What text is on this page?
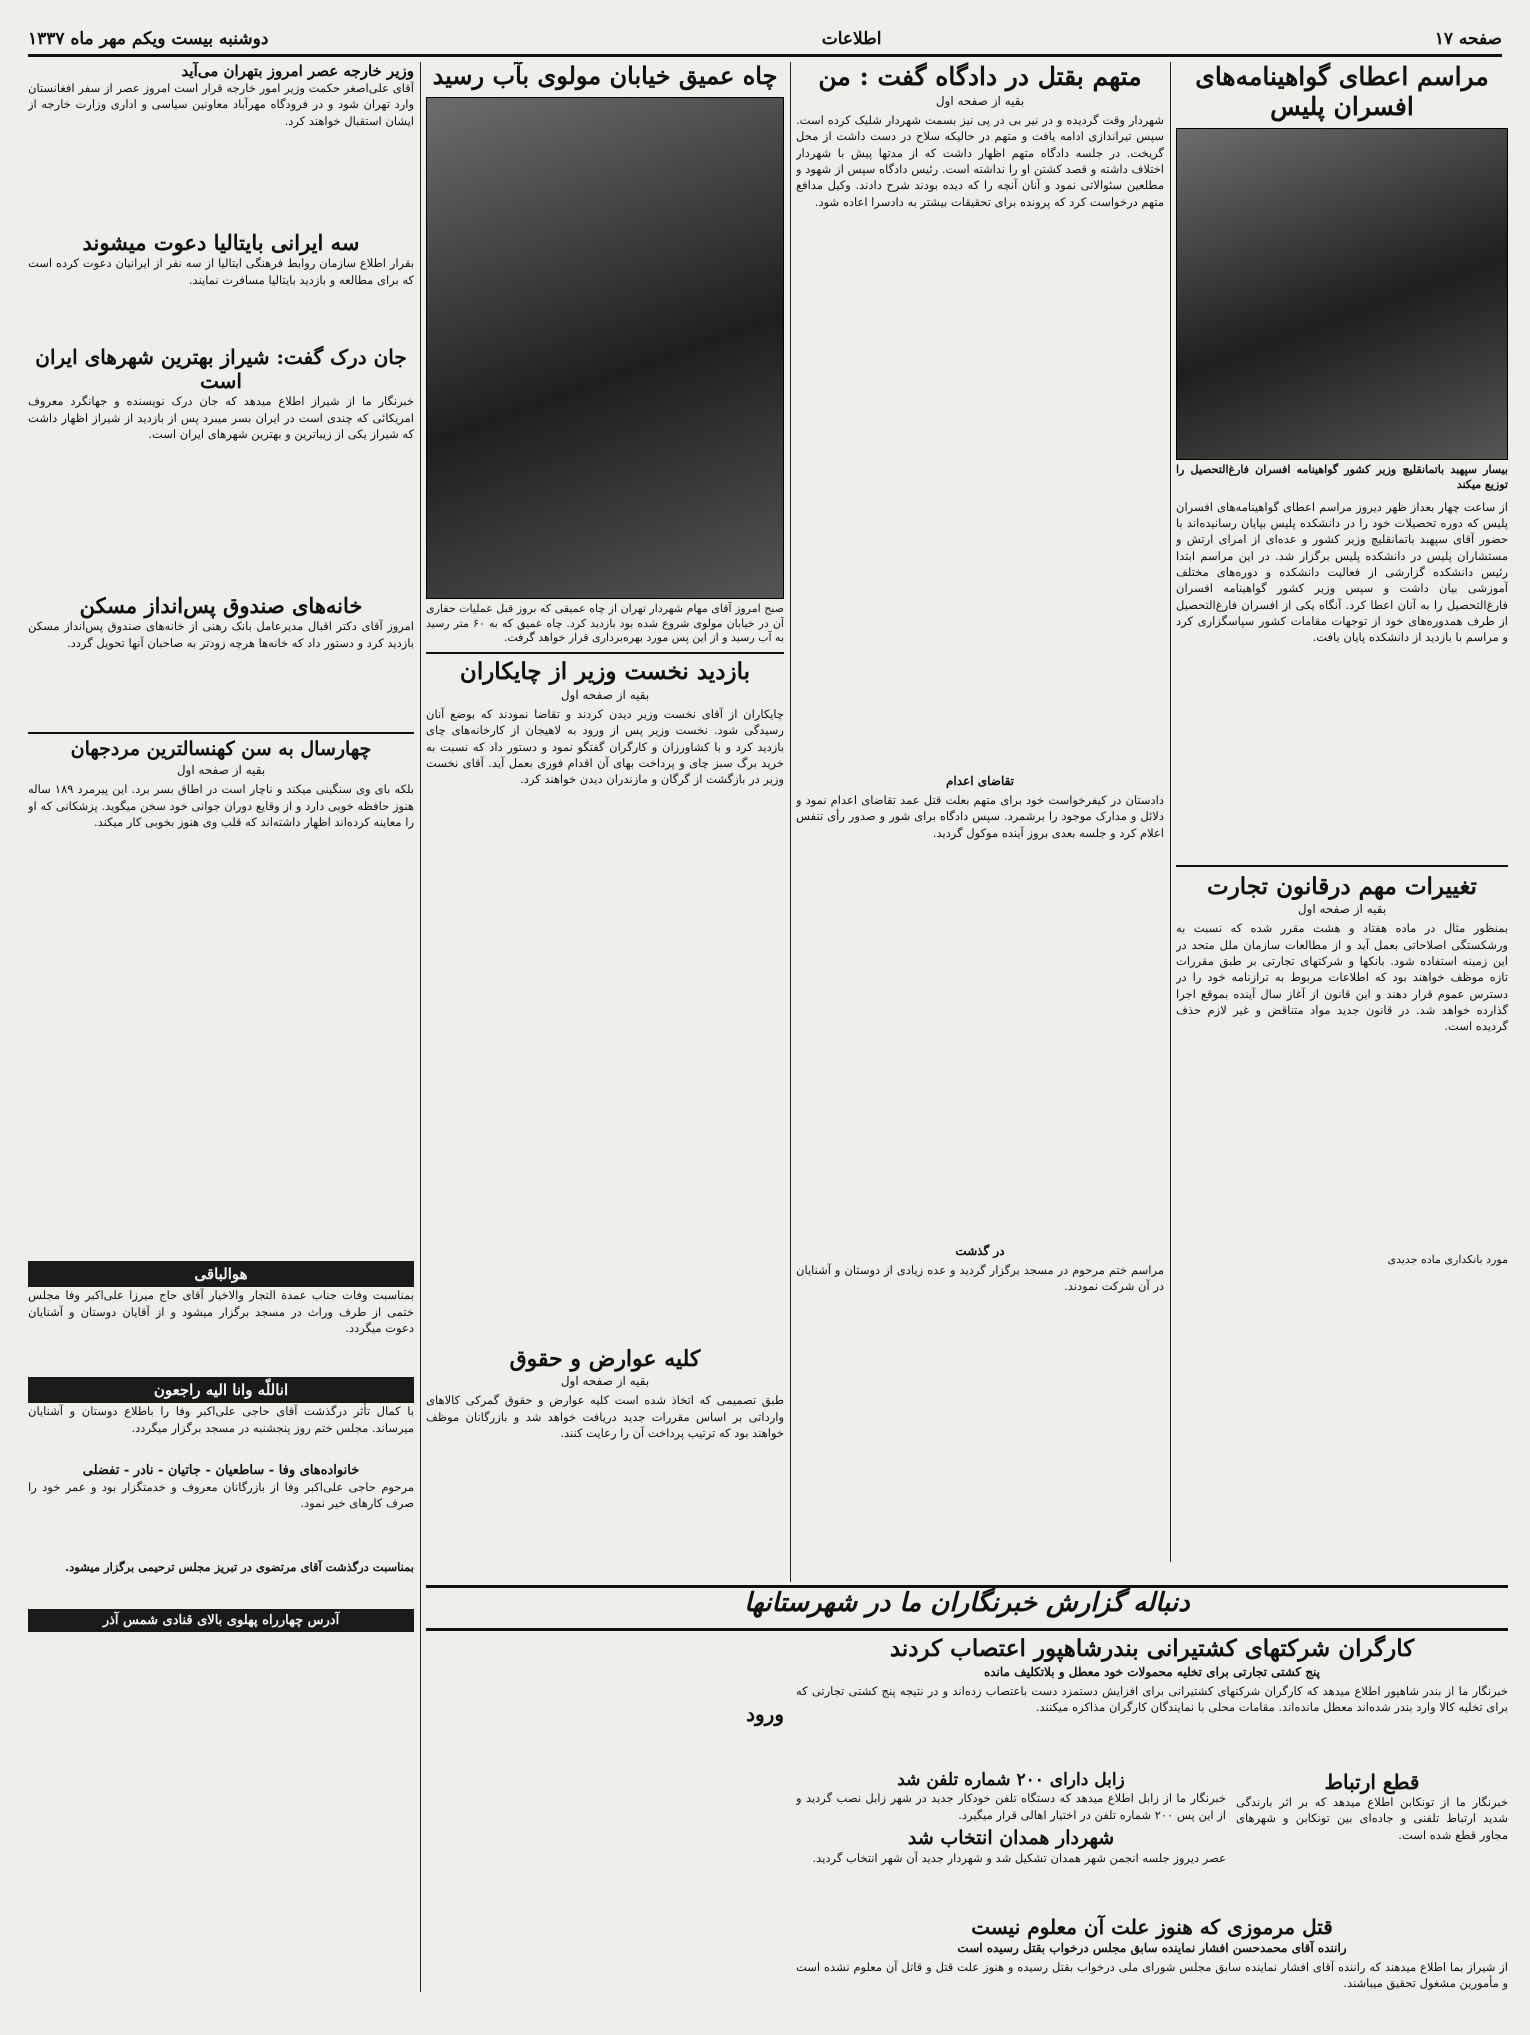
صفحه ۱۷
اطلاعات
دوشنبه بیست ویکم مهر ماه ۱۳۳۷
مراسم اعطای گواهینامه‌های افسران پلیس
بیسار سپهبد باتمانقلیچ وزیر کشور گواهینامه افسران فارغ‌التحصیل را توزیع میکند
از ساعت چهار بعداز ظهر دیروز مراسم اعطای گواهینامه‌های افسران پلیس که دوره تحصیلات خود را در دانشکده پلیس بپایان رسانیده‌اند با حضور آقای سپهبد باتمانقلیچ وزیر کشور و عده‌ای از امرای ارتش و مستشاران پلیس در دانشکده پلیس برگزار شد. در این مراسم ابتدا رئیس دانشکده گزارشی از فعالیت دانشکده و دوره‌های مختلف آموزشی بیان داشت و سپس وزیر کشور گواهینامه افسران فارغ‌التحصیل را به آنان اعطا کرد. آنگاه یکی از افسران فارغ‌التحصیل از طرف همدوره‌های خود از توجهات مقامات کشور سپاسگزاری کرد و مراسم با بازدید از دانشکده پایان یافت.
تغییرات مهم درقانون تجارت
بقیه از صفحه اول
بمنظور مثال در ماده هفتاد و هشت مقرر شده که نسبت به ورشکستگی اصلاحاتی بعمل آید و از مطالعات سازمان ملل متحد در این زمینه استفاده شود. بانکها و شرکتهای تجارتی بر طبق مقررات تازه موظف خواهند بود که اطلاعات مربوط به ترازنامه خود را در دسترس عموم قرار دهند و این قانون از آغاز سال آینده بموقع اجرا گذارده خواهد شد. در قانون جدید مواد متناقض و غیر لازم حذف گردیده است.
مورد بانکداری ماده جدیدی
متهم بقتل در دادگاه گفت : من
بقیه از صفحه اول
شهردار وقت گردیده و در نیر بی در پی نیز بسمت شهردار شلیک کرده است. سپس تیراندازی ادامه یافت و متهم در حالیکه سلاح در دست داشت از محل گریخت. در جلسه دادگاه متهم اظهار داشت که از مدتها پیش با شهردار اختلاف داشته و قصد کشتن او را نداشته است. رئیس دادگاه سپس از شهود و مطلعین سئوالاتی نمود و آنان آنچه را که دیده بودند شرح دادند. وکیل مدافع متهم درخواست کرد که پرونده برای تحقیقات بیشتر به دادسرا اعاده شود.
تقاضای اعدام
دادستان در کیفرخواست خود برای متهم بعلت قتل عمد تقاضای اعدام نمود و دلائل و مدارک موجود را برشمرد. سپس دادگاه برای شور و صدور رأی تنفس اعلام کرد و جلسه بعدی بروز آینده موکول گردید.
در گذشت
مراسم ختم مرحوم در مسجد برگزار گردید و عده زیادی از دوستان و آشنایان در آن شرکت نمودند.
چاه عمیق خیابان مولوی بآب رسید
صبح امروز آقای مهام شهردار تهران از چاه عمیقی که بروز قبل عملیات حفاری آن در خیابان مولوی شروع شده بود بازدید کرد. چاه عمیق که به ۶۰ متر رسید به آب رسید و از این پس مورد بهره‌برداری قرار خواهد گرفت.
بازدید نخست وزیر از چایکاران
بقیه از صفحه اول
چایکاران از آقای نخست وزیر دیدن کردند و تقاضا نمودند که بوضع آنان رسیدگی شود. نخست وزیر پس از ورود به لاهیجان از کارخانه‌های چای بازدید کرد و با کشاورزان و کارگران گفتگو نمود و دستور داد که نسبت به خرید برگ سبز چای و پرداخت بهای آن اقدام فوری بعمل آید. آقای نخست وزیر در بازگشت از گرگان و مازندران دیدن خواهند کرد.
کلیه عوارض و حقوق
بقیه از صفحه اول
طبق تصمیمی که اتخاذ شده است کلیه عوارض و حقوق گمرکی کالاهای وارداتی بر اساس مقررات جدید دریافت خواهد شد و بازرگانان موظف خواهند بود که ترتیب پرداخت آن را رعایت کنند.
ورود
وزیر خارجه عصر امروز بتهران می‌آید
آقای علی‌اصغر حکمت وزیر امور خارجه قرار است امروز عصر از سفر افغانستان وارد تهران شود و در فرودگاه مهرآباد معاونین سیاسی و اداری وزارت خارجه از ایشان استقبال خواهند کرد.
سه ایرانی بایتالیا دعوت میشوند
بقرار اطلاع سازمان روابط فرهنگی ایتالیا از سه نفر از ایرانیان دعوت کرده است که برای مطالعه و بازدید بایتالیا مسافرت نمایند.
جان درک گفت: شیراز بهترین شهرهای ایران است
خبرنگار ما از شیراز اطلاع میدهد که جان درک نویسنده و جهانگرد معروف امریکائی که چندی است در ایران بسر میبرد پس از بازدید از شیراز اظهار داشت که شیراز یکی از زیباترین و بهترین شهرهای ایران است.
خانه‌های صندوق پس‌انداز مسکن
امروز آقای دکتر اقبال مدیرعامل بانک رهنی از خانه‌های صندوق پس‌انداز مسکن بازدید کرد و دستور داد که خانه‌ها هرچه زودتر به صاحبان آنها تحویل گردد.
چهارسال به سن کهنسالترین مردجهان
بقیه از صفحه اول
بلکه بای وی سنگینی میکند و ناچار است در اطاق بسر برد. این پیرمرد ۱۸۹ ساله هنوز حافظه خوبی دارد و از وقایع دوران جوانی خود سخن میگوید. پزشکانی که او را معاینه کرده‌اند اظهار داشته‌اند که قلب وی هنوز بخوبی کار میکند.
هوالباقی
بمناسبت وفات جناب عمدة التجار والاخیار آقای حاج میرزا علی‌اکبر وفا مجلس ختمی از طرف وراث در مسجد برگزار میشود و از آقایان دوستان و آشنایان دعوت میگردد.
اناللّه وانا الیه راجعون
با کمال تأثر درگذشت آقای حاجی علی‌اکبر وفا را باطلاع دوستان و آشنایان میرساند. مجلس ختم روز پنجشنبه در مسجد برگزار میگردد.
خانواده‌های وفا - ساطعیان - جاتیان - نادر - تفضلی
مرحوم حاجی علی‌اکبر وفا از بازرگانان معروف و خدمتگزار بود و عمر خود را صرف کارهای خیر نمود.
بمناسبت درگذشت آقای مرتضوی در تبریز مجلس ترحیمی برگزار میشود.
آدرس چهارراه پهلوی بالای قنادی شمس آذر
دنباله گزارش خبرنگاران ما در شهرستانها
کارگران شرکتهای کشتیرانی بندرشاهپور اعتصاب کردند
پنج کشتی تجارتی برای تخلیه محمولات خود معطل و بلاتکلیف مانده
خبرنگار ما از بندر شاهپور اطلاع میدهد که کارگران شرکتهای کشتیرانی برای افزایش دستمزد دست باعتصاب زده‌اند و در نتیجه پنج کشتی تجارتی که برای تخلیه کالا وارد بندر شده‌اند معطل مانده‌اند. مقامات محلی با نمایندگان کارگران مذاکره میکنند.
زابل دارای ۲۰۰ شماره تلفن شد
خبرنگار ما از زابل اطلاع میدهد که دستگاه تلفن خودکار جدید در شهر زابل نصب گردید و از این پس ۲۰۰ شماره تلفن در اختیار اهالی قرار میگیرد.
شهردار همدان انتخاب شد
عصر دیروز جلسه انجمن شهر همدان تشکیل شد و شهردار جدید آن شهر انتخاب گردید.
قطع ارتباط
خبرنگار ما از تونکابن اطلاع میدهد که بر اثر بارندگی شدید ارتباط تلفنی و جاده‌ای بین تونکابن و شهرهای مجاور قطع شده است.
قتل مرموزی که هنوز علت آن معلوم نیست
راننده آقای محمدحسن افشار نماینده سابق مجلس درخواب بقتل رسیده است
از شیراز بما اطلاع میدهند که راننده آقای افشار نماینده سابق مجلس شورای ملی درخواب بقتل رسیده و هنوز علت قتل و قاتل آن معلوم نشده است و مأمورین مشغول تحقیق میباشند.
